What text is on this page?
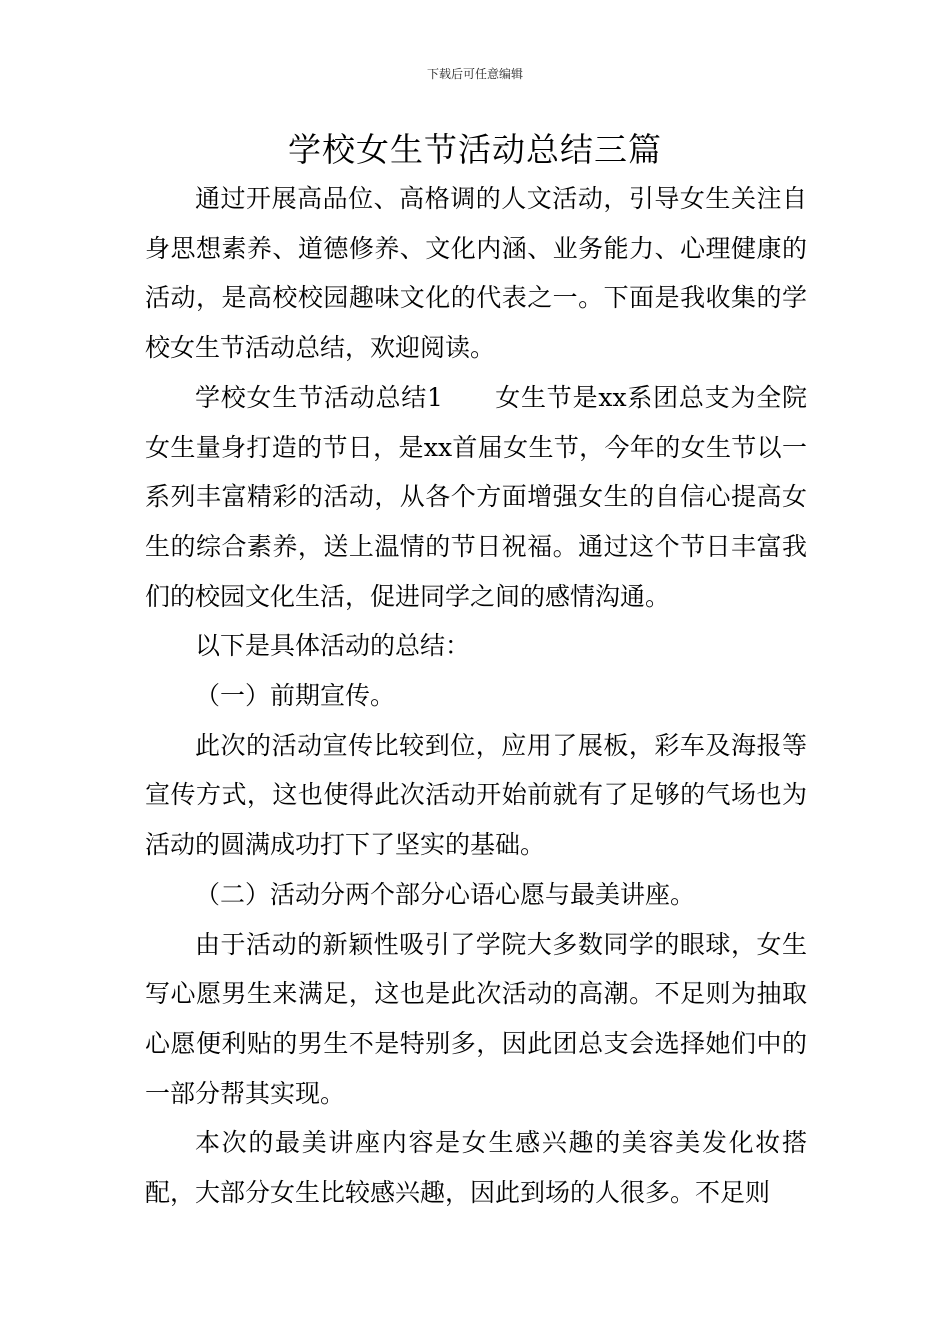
下载后可任意编辑
学校女生节活动总结三篇

通过开展高品位、高格调的人文活动，引导女生关注自身思想素养、道德修养、文化内涵、业务能力、心理健康的活动，是高校校园趣味文化的代表之一。下面是我收集的学校女生节活动总结，欢迎阅读。

学校女生节活动总结1　　女生节是xx系团总支为全院女生量身打造的节日，是xx首届女生节，今年的女生节以一系列丰富精彩的活动，从各个方面增强女生的自信心提高女生的综合素养，送上温情的节日祝福。通过这个节日丰富我们的校园文化生活，促进同学之间的感情沟通。

以下是具体活动的总结：

（一）前期宣传。

此次的活动宣传比较到位，应用了展板，彩车及海报等宣传方式，这也使得此次活动开始前就有了足够的气场也为活动的圆满成功打下了坚实的基础。

（二）活动分两个部分心语心愿与最美讲座。

由于活动的新颖性吸引了学院大多数同学的眼球，女生写心愿男生来满足，这也是此次活动的高潮。不足则为抽取心愿便利贴的男生不是特别多，因此团总支会选择她们中的一部分帮其实现。

本次的最美讲座内容是女生感兴趣的美容美发化妆搭配，大部分女生比较感兴趣，因此到场的人很多。不足则
